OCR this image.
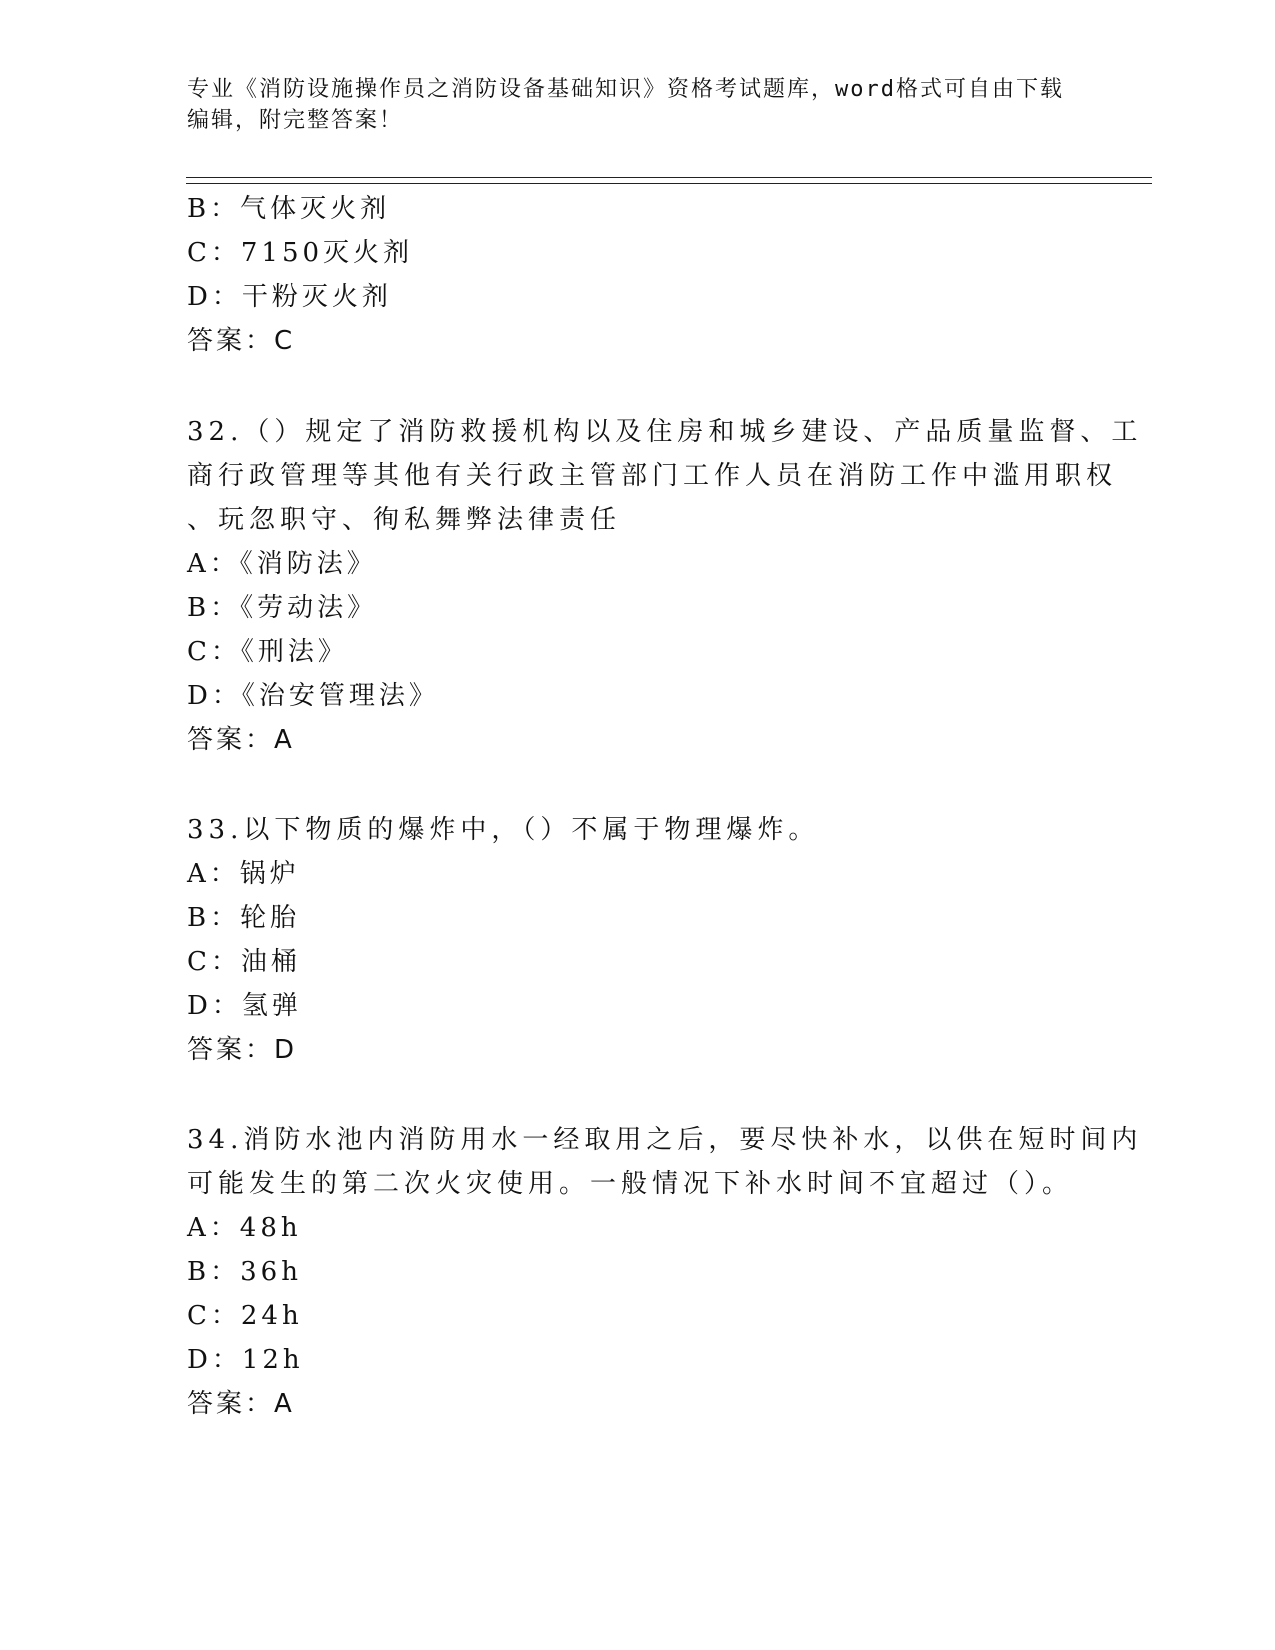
专业《消防设施操作员之消防设备基础知识》资格考试题库，word格式可自由下载编辑，附完整答案！
B：气体灭火剂
C：7150灭火剂
D：干粉灭火剂
答案：C
32.（）规定了消防救援机构以及住房和城乡建设、产品质量监督、工
商行政管理等其他有关行政主管部门工作人员在消防工作中滥用职权
、玩忽职守、徇私舞弊法律责任
A：《消防法》
B：《劳动法》
C：《刑法》
D：《治安管理法》
答案：A
33.以下物质的爆炸中，（）不属于物理爆炸。
A：锅炉
B：轮胎
C：油桶
D：氢弹
答案：D
34.消防水池内消防用水一经取用之后，要尽快补水，以供在短时间内
可能发生的第二次火灾使用。一般情况下补水时间不宜超过（）。
A：48h
B：36h
C：24h
D：12h
答案：A
